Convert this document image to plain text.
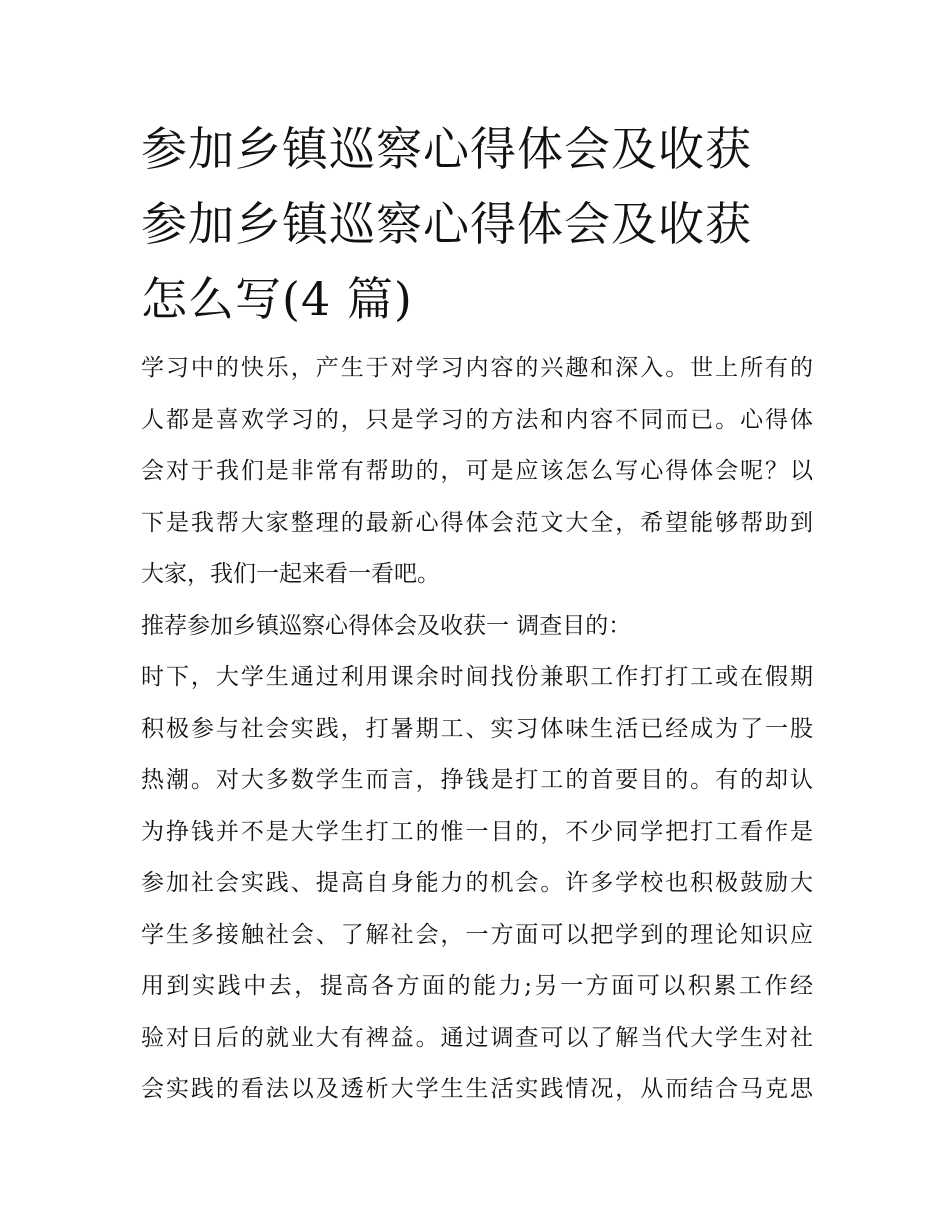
参加乡镇巡察心得体会及收获
参加乡镇巡察心得体会及收获
怎么写(4 篇)
学习中的快乐，产生于对学习内容的兴趣和深入。世上所有的
人都是喜欢学习的，只是学习的方法和内容不同而已。心得体
会对于我们是非常有帮助的，可是应该怎么写心得体会呢？以
下是我帮大家整理的最新心得体会范文大全，希望能够帮助到
大家，我们一起来看一看吧。
推荐参加乡镇巡察心得体会及收获一 调查目的：
时下，大学生通过利用课余时间找份兼职工作打打工或在假期
积极参与社会实践，打暑期工、实习体味生活已经成为了一股
热潮。对大多数学生而言，挣钱是打工的首要目的。有的却认
为挣钱并不是大学生打工的惟一目的，不少同学把打工看作是
参加社会实践、提高自身能力的机会。许多学校也积极鼓励大
学生多接触社会、了解社会，一方面可以把学到的理论知识应
用到实践中去，提高各方面的能力;另一方面可以积累工作经
验对日后的就业大有裨益。通过调查可以了解当代大学生对社
会实践的看法以及透析大学生生活实践情况，从而结合马克思
